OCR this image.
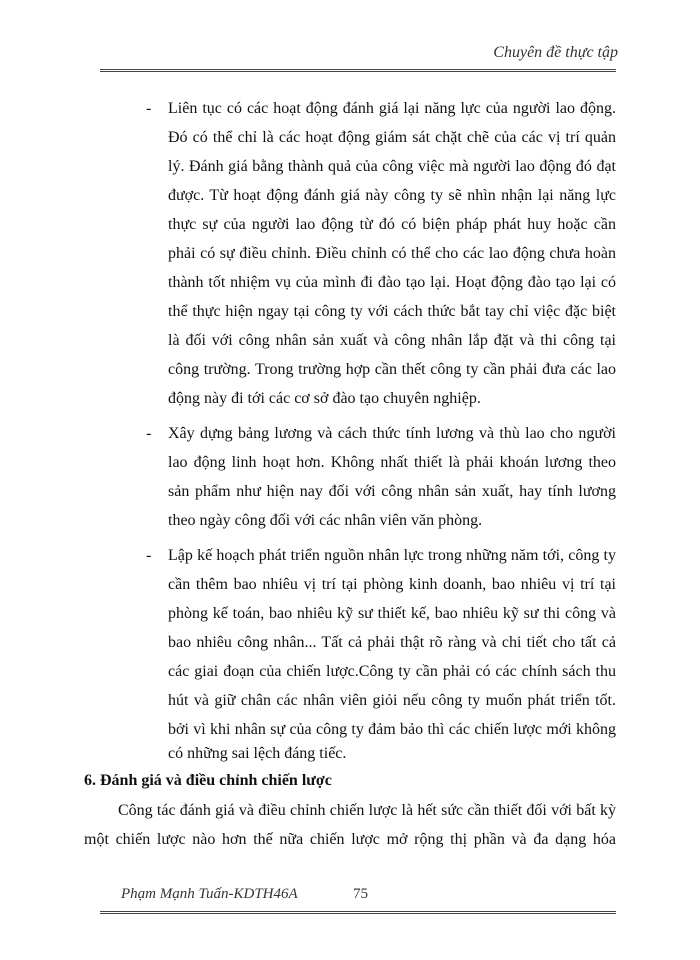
Chuyên đề thực tập
- Liên tục có các hoạt động đánh giá lại năng lực của người lao động.
Đó có thể chỉ là các hoạt động giám sát chặt chẽ của các vị trí quản
lý. Đánh giá bằng thành quả của công việc mà người lao động đó đạt
được. Từ hoạt động đánh giá này công ty sẽ nhìn nhận lại năng lực
thực sự của người lao động từ đó có biện pháp phát huy hoặc cần
phải có sự điều chỉnh. Điều chỉnh có thể cho các lao động chưa hoàn
thành tốt nhiệm vụ của mình đi đào tạo lại. Hoạt động đào tạo lại có
thể thực hiện ngay tại công ty với cách thức bắt tay chỉ việc đặc biệt
là đối với công nhân sản xuất và công nhân lắp đặt và thi công tại
công trường. Trong trường hợp cần thết công ty cần phải đưa các lao
động này đi tới các cơ sở đào tạo chuyên nghiệp.
- Xây dựng bảng lương và cách thức tính lương và thù lao cho người
lao động linh hoạt hơn. Không nhất thiết là phải khoán lương theo
sản phẩm như hiện nay đối với công nhân sản xuất, hay tính lương
theo ngày công đối với các nhân viên văn phòng.
- Lập kế hoạch phát triển nguồn nhân lực trong những năm tới, công ty
cần thêm bao nhiêu vị trí tại phòng kinh doanh, bao nhiêu vị trí tại
phòng kế toán, bao nhiêu kỹ sư thiết kế, bao nhiêu kỹ sư thi công và
bao nhiêu công nhân... Tất cả phải thật rõ ràng và chi tiết cho tất cả
các giai đoạn của chiến lược.Công ty cần phải có các chính sách thu
hút và giữ chân các nhân viên giỏi nếu công ty muốn phát triển tốt.
bởi vì khi nhân sự của công ty đảm bảo thì các chiến lược mới không
có những sai lệch đáng tiếc.
6. Đánh giá và điều chỉnh chiến lược
Công tác đánh giá và điều chỉnh chiến lược là hết sức cần thiết đối với bất kỳ
một chiến lược nào hơn thế nữa chiến lược mở rộng thị phần và đa dạng hóa
Phạm Mạnh Tuấn-KDTH46A	75
